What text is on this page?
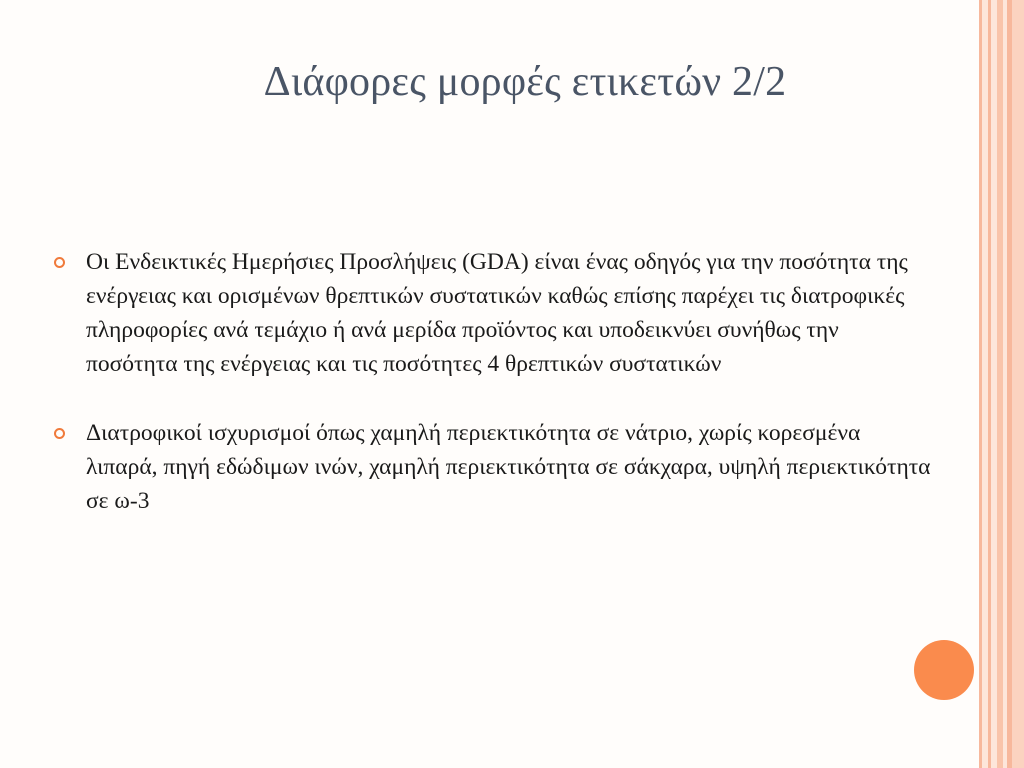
Διάφορες μορφές ετικετών 2/2
Οι Ενδεικτικές Ημερήσιες Προσλήψεις (GDA) είναι ένας οδηγός για την ποσότητα της ενέργειας και ορισμένων θρεπτικών συστατικών καθώς επίσης παρέχει τις διατροφικές πληροφορίες ανά τεμάχιο ή ανά μερίδα προϊόντος και υποδεικνύει συνήθως την ποσότητα της ενέργειας και τις ποσότητες 4 θρεπτικών συστατικών
Διατροφικοί ισχυρισμοί όπως χαμηλή περιεκτικότητα σε νάτριο, χωρίς κορεσμένα λιπαρά, πηγή εδώδιμων ινών, χαμηλή περιεκτικότητα σε σάκχαρα, υψηλή περιεκτικότητα σε ω-3
